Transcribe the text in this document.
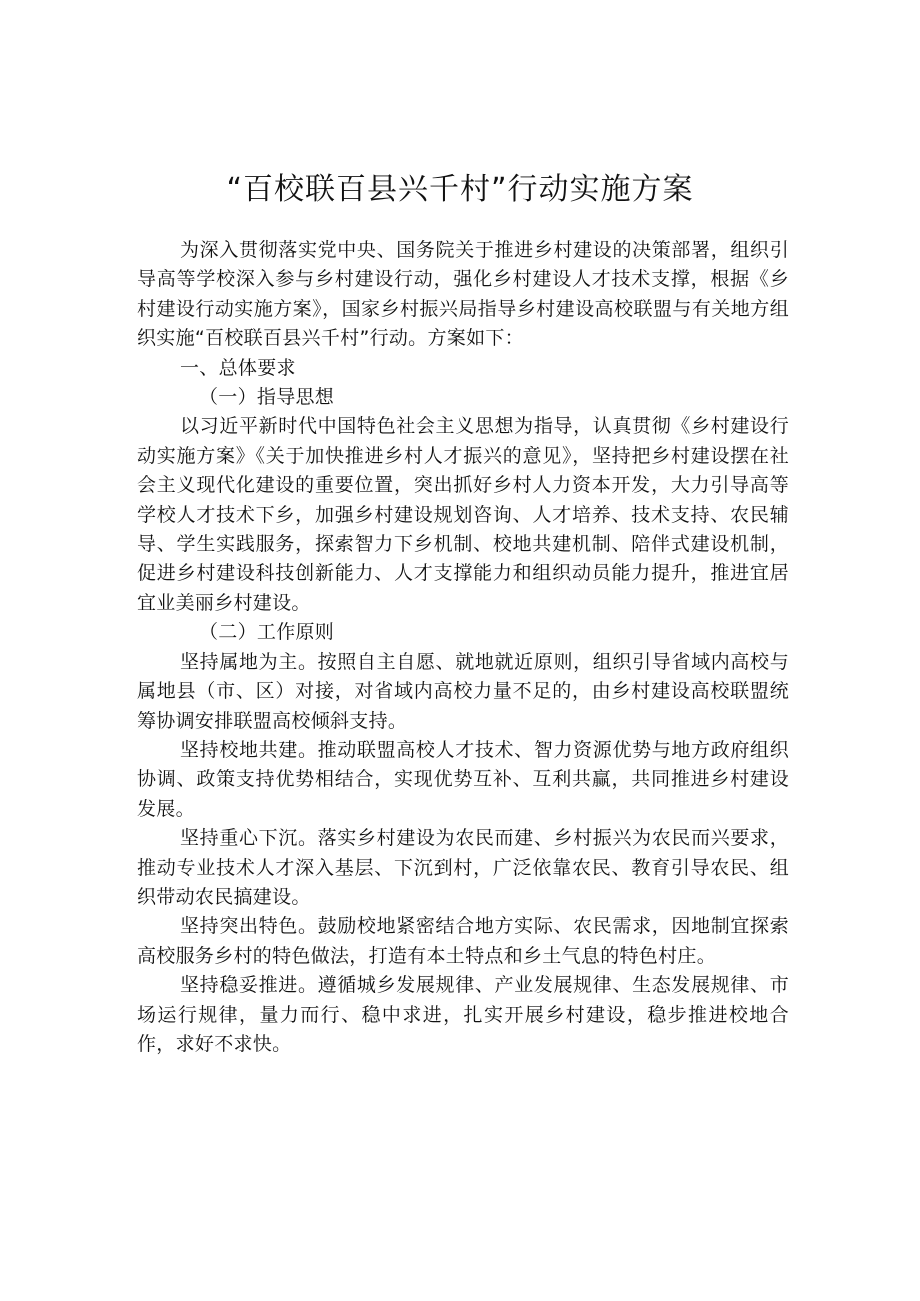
“百校联百县兴千村”行动实施方案

为深入贯彻落实党中央、国务院关于推进乡村建设的决策部署，组织引导高等学校深入参与乡村建设行动，强化乡村建设人才技术支撑，根据《乡村建设行动实施方案》，国家乡村振兴局指导乡村建设高校联盟与有关地方组织实施“百校联百县兴千村”行动。方案如下：

一、总体要求

（一）指导思想

以习近平新时代中国特色社会主义思想为指导，认真贯彻《乡村建设行动实施方案》《关于加快推进乡村人才振兴的意见》，坚持把乡村建设摆在社会主义现代化建设的重要位置，突出抓好乡村人力资本开发，大力引导高等学校人才技术下乡，加强乡村建设规划咨询、人才培养、技术支持、农民辅导、学生实践服务，探索智力下乡机制、校地共建机制、陪伴式建设机制，促进乡村建设科技创新能力、人才支撑能力和组织动员能力提升，推进宜居宜业美丽乡村建设。

（二）工作原则

坚持属地为主。按照自主自愿、就地就近原则，组织引导省域内高校与属地县（市、区）对接，对省域内高校力量不足的，由乡村建设高校联盟统筹协调安排联盟高校倾斜支持。

坚持校地共建。推动联盟高校人才技术、智力资源优势与地方政府组织协调、政策支持优势相结合，实现优势互补、互利共赢，共同推进乡村建设发展。

坚持重心下沉。落实乡村建设为农民而建、乡村振兴为农民而兴要求，推动专业技术人才深入基层、下沉到村，广泛依靠农民、教育引导农民、组织带动农民搞建设。

坚持突出特色。鼓励校地紧密结合地方实际、农民需求，因地制宜探索高校服务乡村的特色做法，打造有本土特点和乡土气息的特色村庄。

坚持稳妥推进。遵循城乡发展规律、产业发展规律、生态发展规律、市场运行规律，量力而行、稳中求进，扎实开展乡村建设，稳步推进校地合作，求好不求快。
